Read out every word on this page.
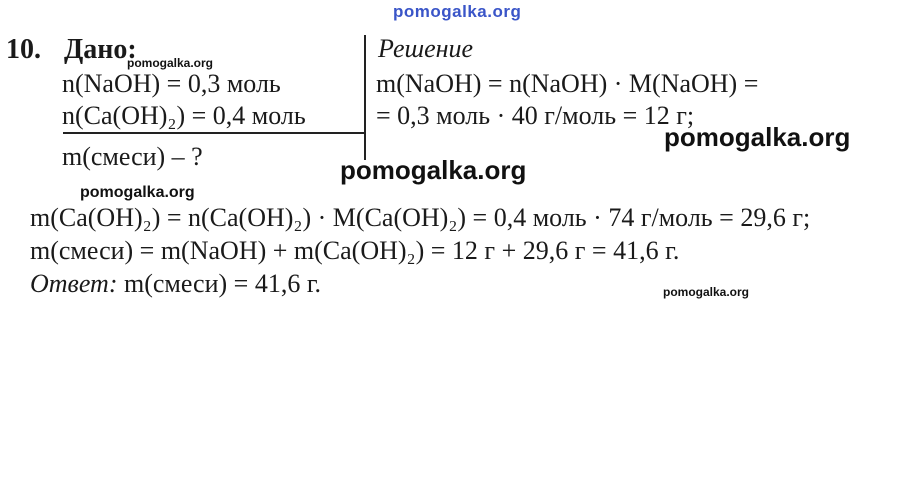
pomogalka.org
10. Дано:
pomogalka.org
n(NaOH) = 0,3 моль
n(Ca(OH)₂) = 0,4 моль
m(смеси) – ?
Решение
m(NaOH) = n(NaOH) · M(NaOH) =
= 0,3 моль · 40 г/моль = 12 г;
pomogalka.org
pomogalka.org
pomogalka.org
m(Ca(OH)₂) = n(Ca(OH)₂) · M(Ca(OH)₂) = 0,4 моль · 74 г/моль = 29,6 г;
m(смеси) = m(NaOH) + m(Ca(OH)₂) = 12 г + 29,6 г = 41,6 г.
Ответ: m(смеси) = 41,6 г.	pomogalka.org
